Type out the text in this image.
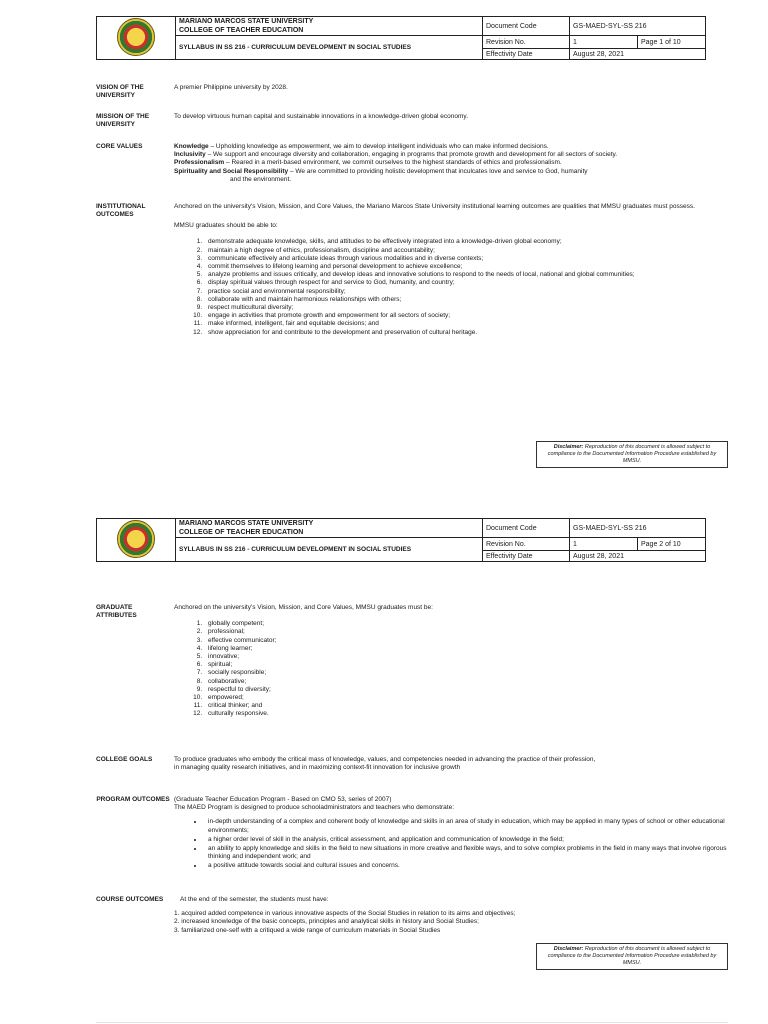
	MARIANO MARCOS STATE UNIVERSITY
COLLEGE OF TEACHER EDUCATION	Document Code	GS-MAED-SYL-SS 216	
	SYLLABUS IN SS 216 - CURRICULUM DEVELOPMENT IN SOCIAL STUDIES	Revision No.	1	Page 1 of 10
		Effectivity Date	August 28, 2021	
VISION OF THE UNIVERSITY
A premier Philippine university by 2028.
MISSION OF THE UNIVERSITY
To develop virtuous human capital and sustainable innovations in a knowledge-driven global economy.
CORE VALUES	Knowledge – Upholding knowledge as empowerment, we aim to develop intelligent individuals who can make informed decisions.

Inclusivity – We support and encourage diversity and collaboration, engaging in programs that promote growth and development for all sectors of society.

Professionalism – Reared in a merit-based environment, we commit ourselves to the highest standards of ethics and professionalism.

Spirituality and Social Responsibility – We are committed to providing holistic development that inculcates love and service to God, humanity

and the environment.

INSTITUTIONAL OUTCOMES

Anchored on the university's Vision, Mission, and Core Values, the Mariano Marcos State University institutional learning outcomes are qualities that MMSU graduates must possess.

MMSU graduates should be able to:

1. demonstrate adequate knowledge, skills, and attitudes to be effectively integrated into a knowledge-driven global economy;
2. maintain a high degree of ethics, professionalism, discipline and accountability;
3. communicate effectively and articulate ideas through various modalities and in diverse contexts;
4. commit themselves to lifelong learning and personal development to achieve excellence;
5. analyze problems and issues critically, and develop ideas and innovative solutions to respond to the needs of local, national and global communities;
6. display spiritual values through respect for and service to God, humanity, and country;
7. practice social and environmental responsibility;
8. collaborate with and maintain harmonious relationships with others;
9. respect multicultural diversity;
10. engage in activities that promote growth and empowerment for all sectors of society;
11. make informed, intelligent, fair and equitable decisions; and
12. show appreciation for and contribute to the development and preservation of cultural heritage.
Disclaimer: Reproduction of this document is allowed subject to compliance to the Documented Information Procedure established by MMSU.

	MARIANO MARCOS STATE UNIVERSITY
COLLEGE OF TEACHER EDUCATION	Document Code	GS-MAED-SYL-SS 216	
	SYLLABUS IN SS 216 - CURRICULUM DEVELOPMENT IN SOCIAL STUDIES	Revision No.	1	Page 2 of 10
		Effectivity Date	August 28, 2021	
GRADUATE ATTRIBUTES

Anchored on the university's Vision, Mission, and Core Values, MMSU graduates must be:

1. globally competent;
2. professional;
3. effective communicator;
4. lifelong learner;
5. innovative;
6. spiritual;
7. socially responsible;
8. collaborative;
9. respectful to diversity;
10. empowered;
11. critical thinker; and
12. culturally responsive.
COLLEGE GOALS	To produce graduates who embody the critical mass of knowledge, values, and competencies needed in advancing the practice of their profession,

in managing quality research initiatives, and in maximizing context-fit innovation for inclusive growth

PROGRAM OUTCOMES (Graduate Teacher Education Program - Based on CMO 53, series of 2007)

The MAED Program is designed to produce schooladministrators and teachers who demonstrate:

• in-depth understanding of a complex and coherent body of knowledge and skills in an area of study in education, which may be applied in many types of school or other educational environments;
• a higher order level of skill in the analysis, critical assessment, and application and communication of knowledge in the field;
• an ability to apply knowledge and skills in the field to new situations in more creative and flexible ways, and to solve complex problems in the field in many ways that involve rigorous thinking and independent work; and
• a positive attitude towards social and cultural issues and concerns.
COURSE OUTCOMES	At the end of the semester, the students must have:

1. acquired added competence in various innovative aspects of the Social Studies in relation to its aims and objectives;

2. increased knowledge of the basic concepts, principles and analytical skills in history and Social Studies;

3. familiarized one-self with a critiqued a wide range of curriculum materials in Social Studies

Disclaimer: Reproduction of this document is allowed subject to compliance to the Documented Information Procedure established by MMSU.
